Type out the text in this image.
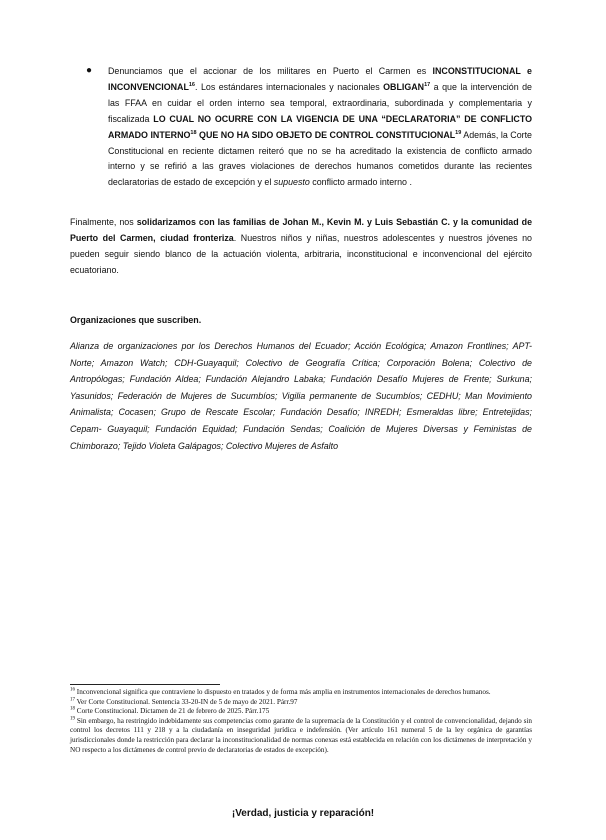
● Denunciamos que el accionar de los militares en Puerto el Carmen es INCONSTITUCIONAL e INCONVENCIONAL$^{16}$. Los estándares internacionales y nacionales OBLIGAN$^{17}$ a que la intervención de las FFAA en cuidar el orden interno sea temporal, extraordinaria, subordinada y complementaria y fiscalizada LO CUAL NO OCURRE CON LA VIGENCIA DE UNA “DECLARATORIA” DE CONFLICTO ARMADO INTERNO$^{18}$ QUE NO HA SIDO OBJETO DE CONTROL CONSTITUCIONAL$^{19}$ Además, la Corte Constitucional en reciente dictamen reiteró que no se ha acreditado la existencia de conflicto armado interno y se refirió a las graves violaciones de derechos humanos cometidos durante las recientes declaratorias de estado de excepción y el supuesto conflicto armado interno .

Finalmente, nos solidarizamos con las familias de Johan M., Kevin M. y Luis Sebastián C. y la comunidad de Puerto del Carmen, ciudad fronteriza. Nuestros niños y niñas, nuestros adolescentes y nuestros jóvenes no pueden seguir siendo blanco de la actuación violenta, arbitraria, inconstitucional e inconvencional del ejército ecuatoriano.

Organizaciones que suscriben.

Alianza de organizaciones por los Derechos Humanos del Ecuador; Acción Ecológica; Amazon Frontlines; APT-Norte; Amazon Watch; CDH-Guayaquil; Colectivo de Geografía Crítica; Corporación Bolena; Colectivo de Antropólogas; Fundación Aldea; Fundación Alejandro Labaka; Fundación Desafío Mujeres de Frente; Surkuna; Yasunidos; Federación de Mujeres de Sucumbíos; Vigilia permanente de Sucumbíos; CEDHU; Man Movimiento Animalista; Cocasen; Grupo de Rescate Escolar; Fundación Desafío; INREDH; Esmeraldas libre; Entretejidas; Cepam- Guayaquil; Fundación Equidad; Fundación Sendas; Coalición de Mujeres Diversas y Feministas de Chimborazo; Tejido Violeta Galápagos; Colectivo Mujeres de Asfalto

$^{16}$ Inconvencional significa que contraviene lo dispuesto en tratados y de forma más amplia en instrumentos internacionales de derechos humanos.

$^{17}$ Ver Corte Constitucional. Sentencia 33-20-IN de 5 de mayo de 2021. Párr.97

$^{18}$ Corte Constitucional. Dictamen de 21 de febrero de 2025. Párr.175

$^{19}$ Sin embargo, ha restringido indebidamente sus competencias como garante de la supremacía de la Constitución y el control de convencionalidad, dejando sin control los decretos 111 y 218 y a la ciudadanía en inseguridad jurídica e indefensión. (Ver artículo 161 numeral 5 de la ley orgánica de garantías jurisdiccionales donde la restricción para declarar la inconstitucionalidad de normas conexas está establecida en relación con los dictámenes de interpretación y NO respecto a los dictámenes de control previo de declaratorias de estados de excepción).

¡Verdad, justicia y reparación!
